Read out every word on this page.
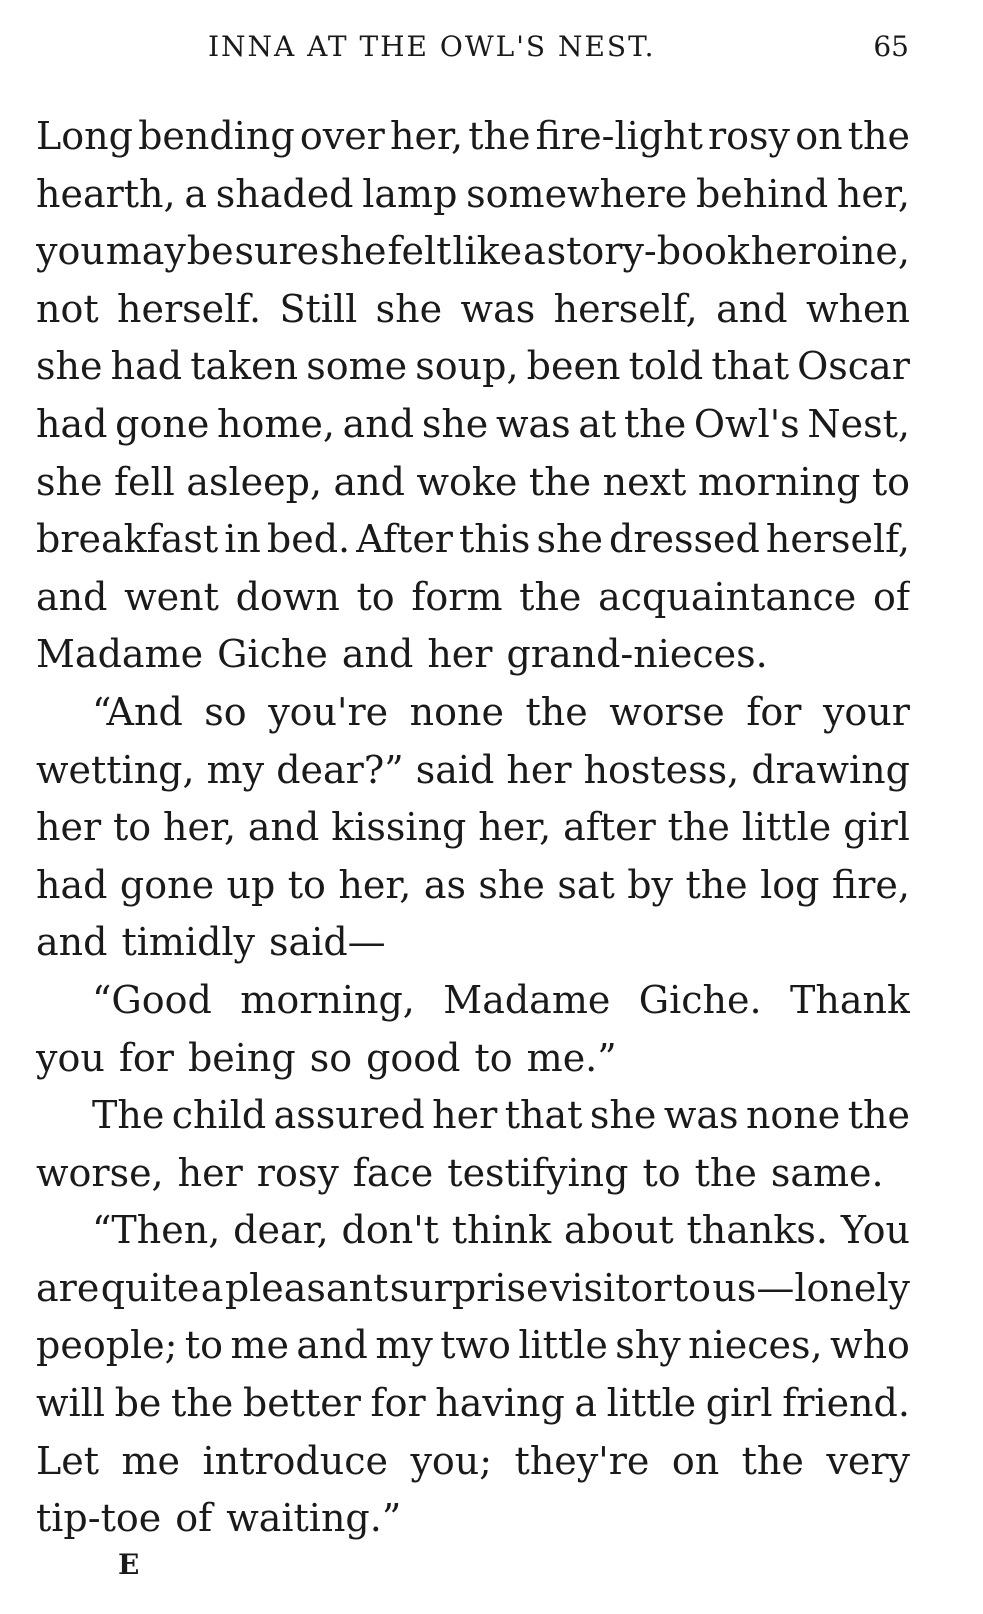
INNA AT THE OWL'S NEST.	65
Long bending over her, the fire-light rosy on the
hearth, a shaded lamp somewhere behind her,
you may be sure she felt like a story-book heroine,
not herself. Still she was herself, and when
she had taken some soup, been told that Oscar
had gone home, and she was at the Owl's Nest,
she fell asleep, and woke the next morning to
breakfast in bed. After this she dressed herself,
and went down to form the acquaintance of
Madame Giche and her grand-nieces.
“And so you're none the worse for your
wetting, my dear?” said her hostess, drawing
her to her, and kissing her, after the little girl
had gone up to her, as she sat by the log fire,
and timidly said—
“Good morning, Madame Giche. Thank
you for being so good to me.”
The child assured her that she was none the
worse, her rosy face testifying to the same.
“Then, dear, don't think about thanks. You
are quite a pleasant surprise visitor to us—lonely
people; to me and my two little shy nieces, who
will be the better for having a little girl friend.
Let me introduce you; they're on the very
tip-toe of waiting.”
E
